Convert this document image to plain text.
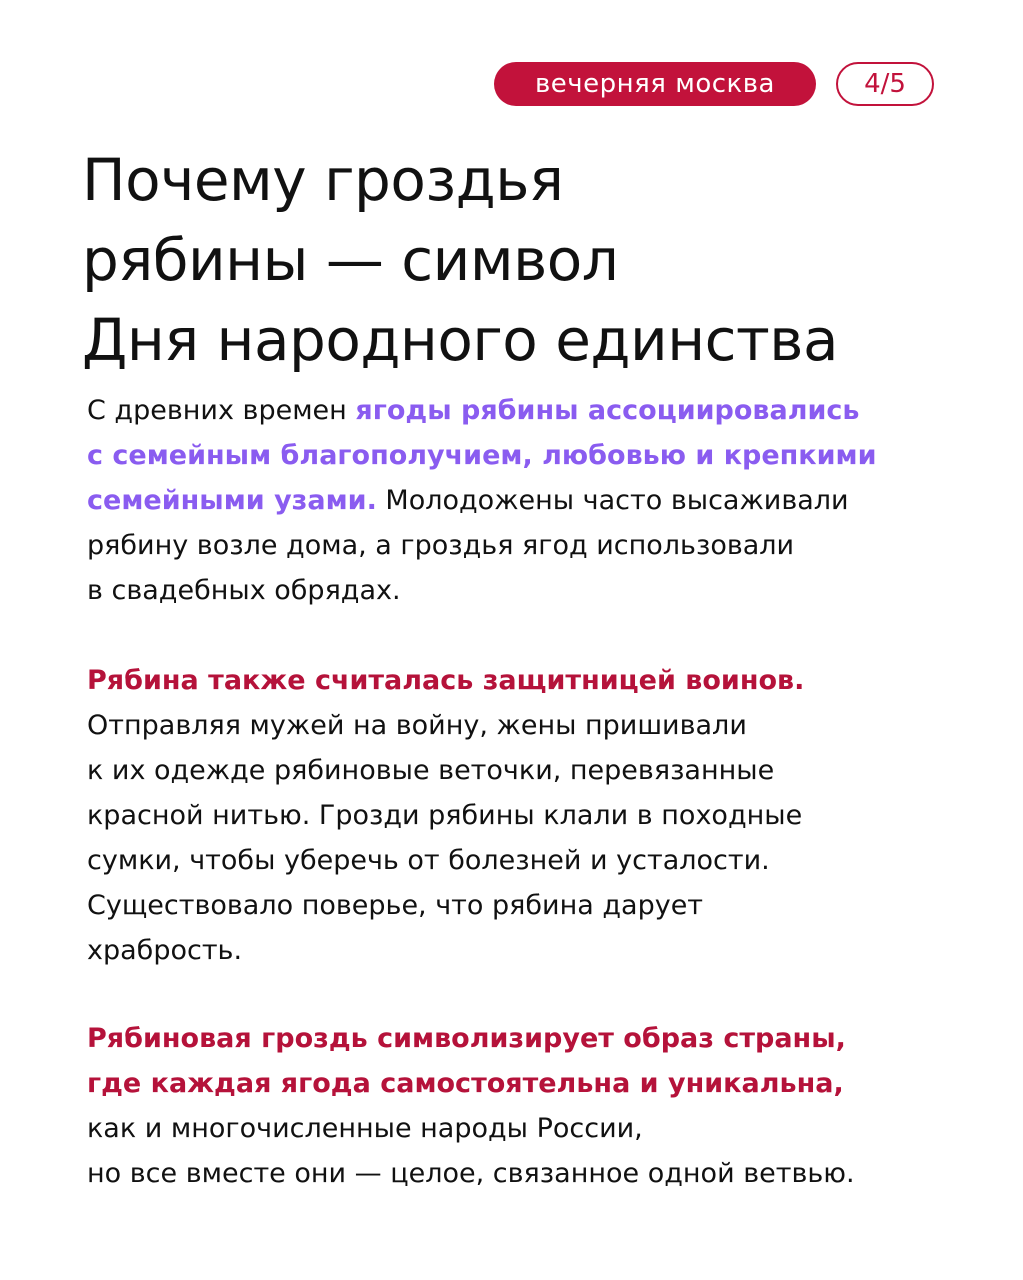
вечерняя москва	4/5
Почему гроздья
рябины — символ
Дня народного единства
С древних времен ягоды рябины ассоциировались
с семейным благополучием, любовью и крепкими
семейными узами. Молодожены часто высаживали
рябину возле дома, а гроздья ягод использовали
в свадебных обрядах.
Рябина также считалась защитницей воинов.
Отправляя мужей на войну, жены пришивали
к их одежде рябиновые веточки, перевязанные
красной нитью. Грозди рябины клали в походные
сумки, чтобы уберечь от болезней и усталости.
Существовало поверье, что рябина дарует
храбрость.
Рябиновая гроздь символизирует образ страны,
где каждая ягода самостоятельна и уникальна,
как и многочисленные народы России,
но все вместе они — целое, связанное одной ветвью.
